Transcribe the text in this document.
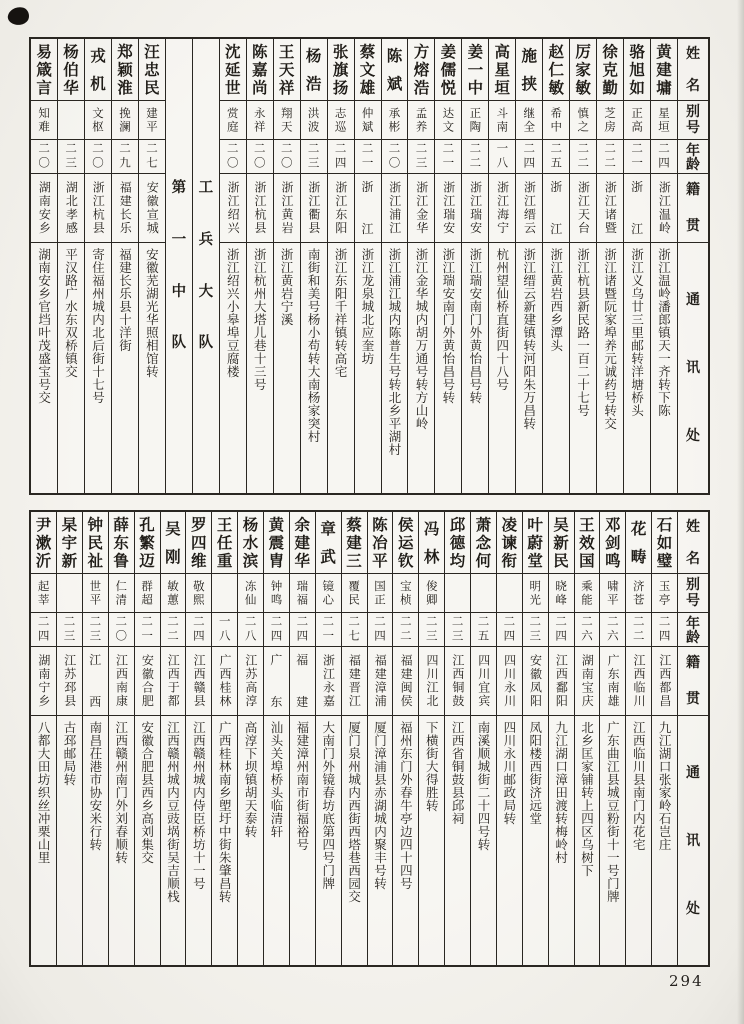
姓
名
别
号
年
龄
籍
贯
通
讯
处
黄
建
墉
星垣
二四
浙江温岭
浙江温岭潘郎镇天一齐转下陈
骆
旭
如
正高
二一
浙
江
浙江义乌廿三里邮转洋塘桥头
徐
克
勤
芝房
二二
浙江诸暨
浙江诸暨阮家埠养元诚药号转交
厉
家
敏
慎之
二二
浙江天台
浙江杭县新民路一百二十七号
赵
仁
敏
希中
二五
浙
江
浙江黄岩西乡潭头
施
挟
继全
二四
浙江缙云
浙江缙云新建镇转河阳朱万昌转
高
星
垣
斗南
一八
浙江海宁
杭州望仙桥直街四十八号
姜
一
中
正陶
二二
浙江瑞安
浙江瑞安南门外黄怡昌号转
姜
儒
悦
达文
二一
浙江瑞安
浙江瑞安南门外黄怡昌号转
方
熔
浩
孟养
二三
浙江金华
浙江金华城内胡万通号转方山岭
陈
斌
承彬
二〇
浙江浦江
浙江浦江城内陈普生号转北乡平湖村
蔡
文
雄
仲斌
二一
浙
江
浙江龙泉城北应奎坊
张
旗
扬
志巡
二四
浙江东阳
浙江东阳千祥镇转高宅
杨
浩
洪波
二三
浙江衢县
南街和美号杨小苟转大南杨家突村
王
天
祥
翔天
二〇
浙江黄岩
浙江黄岩宁溪
陈
嘉
尚
永祥
二〇
浙江杭县
浙江杭州大塔儿巷十三号
沈
延
世
赏庭
二〇
浙江绍兴
浙江绍兴小皋埠豆腐楼
工
兵
大
队
第
一
中
队
汪
忠
民
建平
二七
安徽宣城
安徽芜湖光华照相馆转
郑
颖
淮
挽澜
二九
福建长乐
福建长乐县十洋街
戎
机
文枢
二〇
浙江杭县
寄住福州城内北后街十七号
杨
伯
华
二三
湖北孝感
平汉路广水东双桥镇交
易
箴
言
知难
二〇
湖南安乡
湖南安乡官垱叶茂盛宝号交
姓
名
别
号
年
龄
籍
贯
通
讯
处
石
如
璧
玉亭
二四
江西都昌
九江湖口张家岭石岂庄
花
畴
济苍
二二
江西临川
江西临川县南门内花宅
邓
剑
鸣
啸平
二六
广东南雄
广东曲江县城豆粉街十一号门牌
王
效
国
乘能
二六
湖南宝庆
北乡匡家铺转上四区乌树下
吴
新
民
晓峰
二四
江西鄱阳
九江湖口漳田渡转梅岭村
叶
蔚
堂
明光
二三
安徽凤阳
凤阳楼西街济远堂
凌
谏
衔
二四
四川永川
四川永川邮政局转
萧
念
何
二五
四川宜宾
南溪顺城街二十四号转
邱
德
均
二三
江西铜鼓
江西省铜鼓县邱祠
冯
林
俊卿
二三
四川江北
下横街大得胜转
侯
运
钦
宝桢
二二
福建闽侯
福州东门外春牛亭边四十四号
陈
冶
平
国正
二四
福建漳浦
厦门漳浦县赤湖城内聚丰号转
蔡
建
三
覆民
二七
福建晋江
厦门泉州城内西街西塔巷西园交
章
武
镜心
二一
浙江永嘉
大南门外镜春坊底第四号门牌
余
建
华
瑞福
二四
福
建
福建漳州南市街福裕号
黄
震
胄
钟鸣
二四
广
东
汕头关埠桥头临清轩
杨
水
滨
冻仙
二八
江苏高淳
高淳下坝镇胡天泰转
王
任
重
一八
广西桂林
广西桂林南乡塱圩中街朱肇昌转
罗
四
维
敬熙
二四
江西赣县
江西赣州城内侍臣桥坊十一号
吴
刚
敏蕙
二二
江西于都
江西赣州城内豆豉埚街吴吉顺栈
孔
繁
迈
群超
二一
安徽合肥
安徽合肥县西乡高刘集交
薛
东
鲁
仁清
二〇
江西南康
江西赣州南门外刘春顺转
钟
民
祉
世平
二三
江
西
南昌茌港市协安米行转
杲
宇
新
二三
江苏邳县
古邳邮局转
尹
漱
沂
起莘
二四
湖南宁乡
八都大田坊织丝冲栗山里
294
